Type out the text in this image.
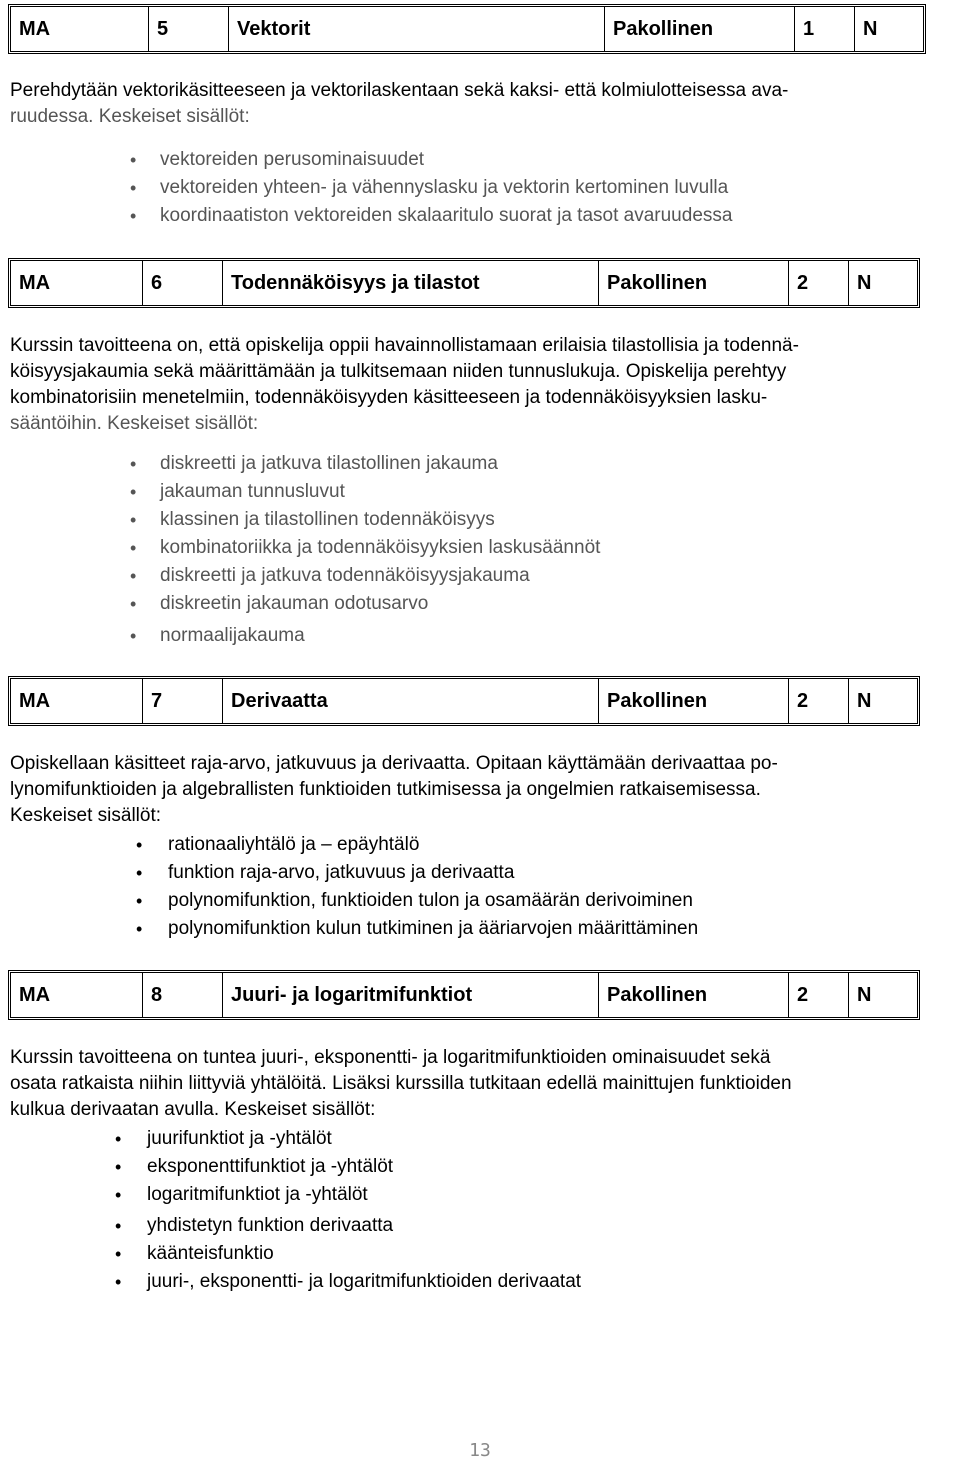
MA	5	Vektorit	Pakollinen	1	N

Perehdytään vektorikäsitteeseen ja vektorilaskentaan sekä kaksi- että kolmiulotteisessa ava-
ruudessa. Keskeiset sisällöt:

• vektoreiden perusominaisuudet
• vektoreiden yhteen- ja vähennyslasku ja vektorin kertominen luvulla
• koordinaatiston vektoreiden skalaaritulo suorat ja tasot avaruudessa
MA	6	Todennäköisyys ja tilastot	Pakollinen	2	N

Kurssin tavoitteena on, että opiskelija oppii havainnollistamaan erilaisia tilastollisia ja todennä-
köisyysjakaumia sekä määrittämään ja tulkitsemaan niiden tunnuslukuja. Opiskelija perehtyy
kombinatorisiin menetelmiin, todennäköisyyden käsitteeseen ja todennäköisyyksien lasku-
sääntöihin. Keskeiset sisällöt:

• diskreetti ja jatkuva tilastollinen jakauma
• jakauman tunnusluvut
• klassinen ja tilastollinen todennäköisyys
• kombinatoriikka ja todennäköisyyksien laskusäännöt
• diskreetti ja jatkuva todennäköisyysjakauma
• diskreetin jakauman odotusarvo
• normaalijakauma
MA	7	Derivaatta	Pakollinen	2	N

Opiskellaan käsitteet raja-arvo, jatkuvuus ja derivaatta. Opitaan käyttämään derivaattaa po-
lynomifunktioiden ja algebrallisten funktioiden tutkimisessa ja ongelmien ratkaisemisessa.
Keskeiset sisällöt:

• rationaaliyhtälö ja – epäyhtälö
• funktion raja-arvo, jatkuvuus ja derivaatta
• polynomifunktion, funktioiden tulon ja osamäärän derivoiminen
• polynomifunktion kulun tutkiminen ja ääriarvojen määrittäminen
MA	8	Juuri- ja logaritmifunktiot	Pakollinen	2	N

Kurssin tavoitteena on tuntea juuri-, eksponentti- ja logaritmifunktioiden ominaisuudet sekä
osata ratkaista niihin liittyviä yhtälöitä. Lisäksi kurssilla tutkitaan edellä mainittujen funktioiden
kulkua derivaatan avulla. Keskeiset sisällöt:

• juurifunktiot ja -yhtälöt
• eksponenttifunktiot ja -yhtälöt
• logaritmifunktiot ja -yhtälöt
• yhdistetyn funktion derivaatta
• käänteisfunktio
• juuri-, eksponentti- ja logaritmifunktioiden derivaatat
13
